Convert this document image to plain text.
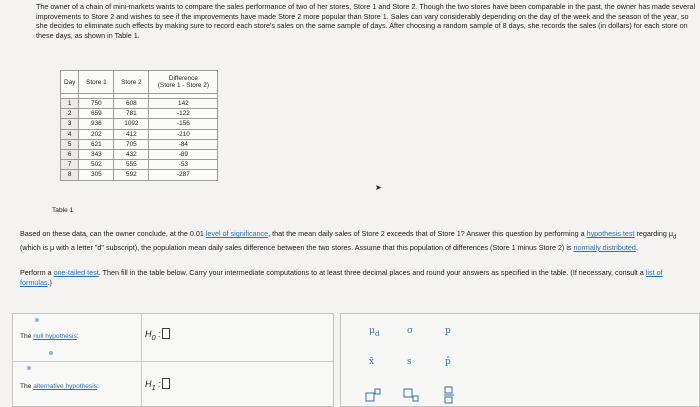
The owner of a chain of mini-markets wants to compare the sales performance of two of her stores, Store 1 and Store 2. Though the two stores have been comparable in the past, the owner has made several improvements to Store 2 and wishes to see if the improvements have made Store 2 more popular than Store 1. Sales can vary considerably depending on the day of the week and the season of the year, so she decides to eliminate such effects by making sure to record each store's sales on the same sample of days. After choosing a random sample of 8 days, she records the sales (in dollars) for each store on these days, as shown in Table 1.

Day	Store 1	Store 2	Difference
(Store 1 - Store 2)

1	750	608	142
2	659	781	-122
3	936	1092	-156
4	202	412	-210
5	621	705	-84
6	343	432	-89
7	502	555	-53
8	305	592	-287
Table 1
➤

Based on these data, can the owner conclude, at the 0.01 level of significance, that the mean daily sales of Store 2 exceeds that of Store 1? Answer this question by performing a hypothesis test regarding $\mu_d$ (which is μ with a letter "d" subscript), the population mean daily sales difference between the two stores. Assume that this population of differences (Store 1 minus Store 2) is normally distributed.

Perform a one-tailed test. Then fill in the table below. Carry your intermediate computations to at least three decimal places and round your answers as specified in the table. (If necessary, consult a list of formulas.)

The null hypothesis:	$H_0$ :
The alternative hypothesis:	$H_1$ :
$\mu_d$	σ	p
x̄	s	p̂
